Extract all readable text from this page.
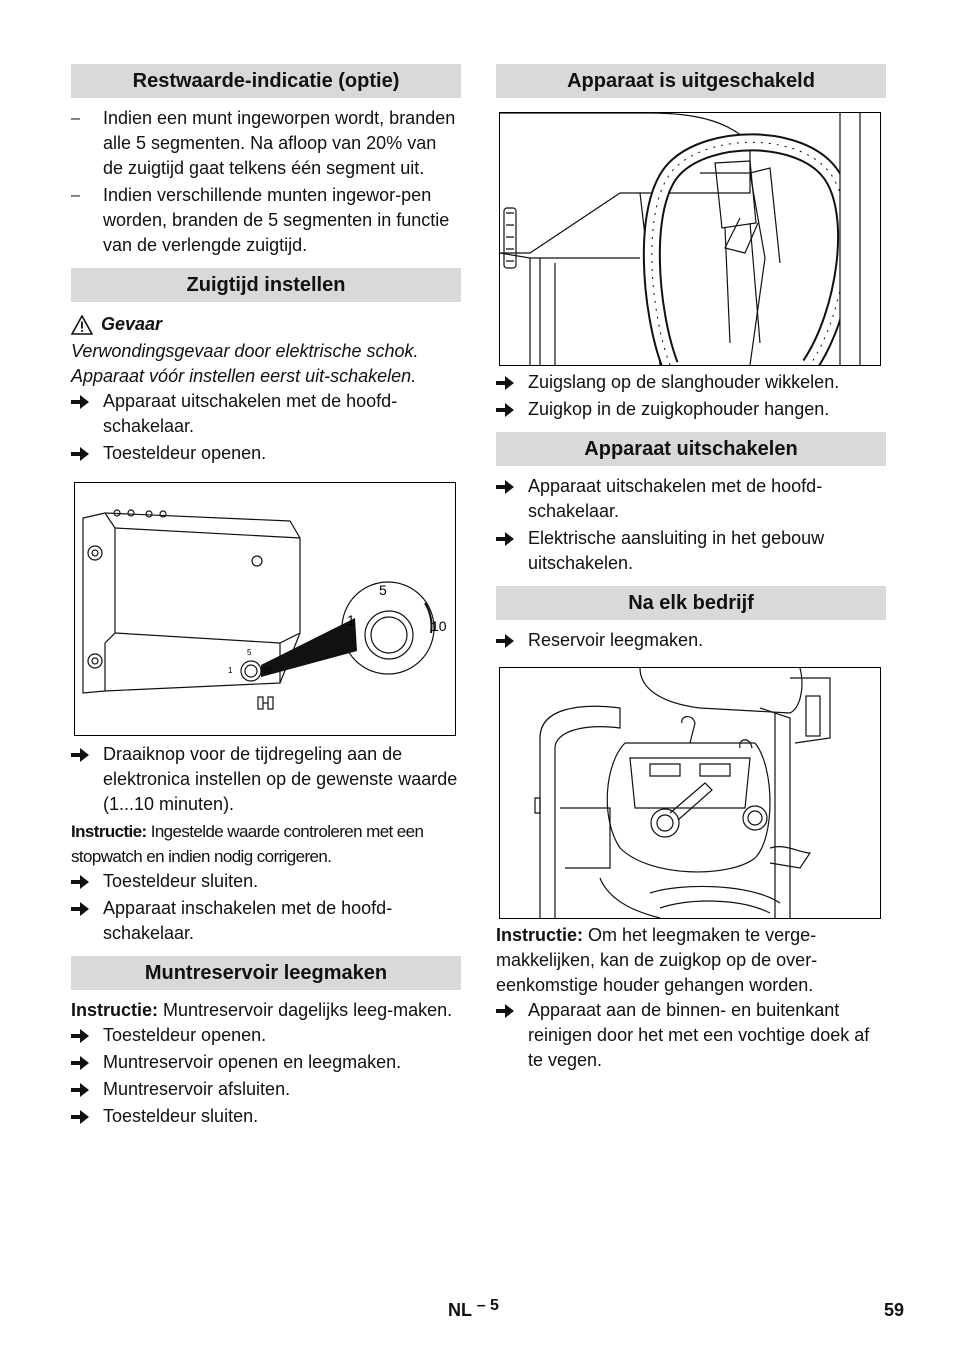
Restwaarde-indicatie (optie)
–	Indien een munt ingeworpen wordt, branden alle 5 segmenten. Na afloop van 20% van de zuigtijd gaat telkens één segment uit.
–	Indien verschillende munten ingewor-pen worden, branden de 5 segmenten in functie van de verlengde zuigtijd.
Zuigtijd instellen
Gevaar
Verwondingsgevaar door elektrische schok. Apparaat vóór instellen eerst uit-schakelen.
Apparaat uitschakelen met de hoofd-schakelaar.
Toesteldeur openen.
5
1	10
5
1	10
Draaiknop voor de tijdregeling aan de elektronica instellen op de gewenste waarde (1...10 minuten).
Instructie: Ingestelde waarde controleren met een stopwatch en indien nodig corrigeren.
Toesteldeur sluiten.
Apparaat inschakelen met de hoofd-schakelaar.
Muntreservoir leegmaken
Instructie: Muntreservoir dagelijks leeg-maken.
Toesteldeur openen.
Muntreservoir openen en leegmaken.
Muntreservoir afsluiten.
Toesteldeur sluiten.
Apparaat is uitgeschakeld
Zuigslang op de slanghouder wikkelen.
Zuigkop in de zuigkophouder hangen.
Apparaat uitschakelen
Apparaat uitschakelen met de hoofd-schakelaar.
Elektrische aansluiting in het gebouw uitschakelen.
Na elk bedrijf
Reservoir leegmaken.
Instructie: Om het leegmaken te verge-makkelijken, kan de zuigkop op de over-eenkomstige houder gehangen worden.
Apparaat aan de binnen- en buitenkant reinigen door het met een vochtige doek af te vegen.
NL – 5	59
